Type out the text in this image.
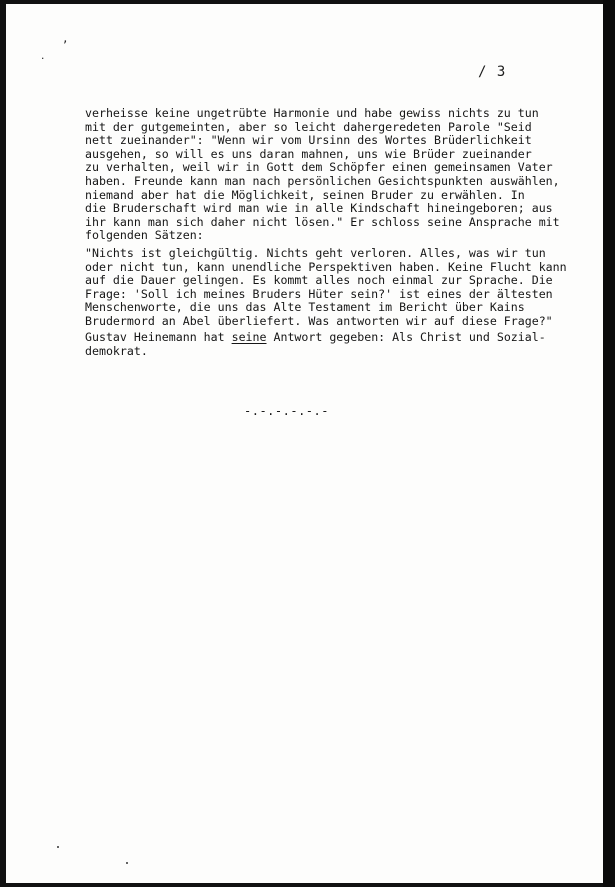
,
.
/ 3
verheisse keine ungetrübte Harmonie und habe gewiss nichts zu tun
mit der gutgemeinten, aber so leicht dahergeredeten Parole "Seid
nett zueinander": "Wenn wir vom Ursinn des Wortes Brüderlichkeit
ausgehen, so will es uns daran mahnen, uns wie Brüder zueinander
zu verhalten, weil wir in Gott dem Schöpfer einen gemeinsamen Vater
haben. Freunde kann man nach persönlichen Gesichtspunkten auswählen,
niemand aber hat die Möglichkeit, seinen Bruder zu erwählen. In
die Bruderschaft wird man wie in alle Kindschaft hineingeboren; aus
ihr kann man sich daher nicht lösen." Er schloss seine Ansprache mit
folgenden Sätzen:
"Nichts ist gleichgültig. Nichts geht verloren. Alles, was wir tun
oder nicht tun, kann unendliche Perspektiven haben. Keine Flucht kann
auf die Dauer gelingen. Es kommt alles noch einmal zur Sprache. Die
Frage: 'Soll ich meines Bruders Hüter sein?' ist eines der ältesten
Menschenworte, die uns das Alte Testament im Bericht über Kains
Brudermord an Abel überliefert. Was antworten wir auf diese Frage?"
Gustav Heinemann hat seine Antwort gegeben: Als Christ und Sozial-
demokrat.
-.-.-.-.-.-
